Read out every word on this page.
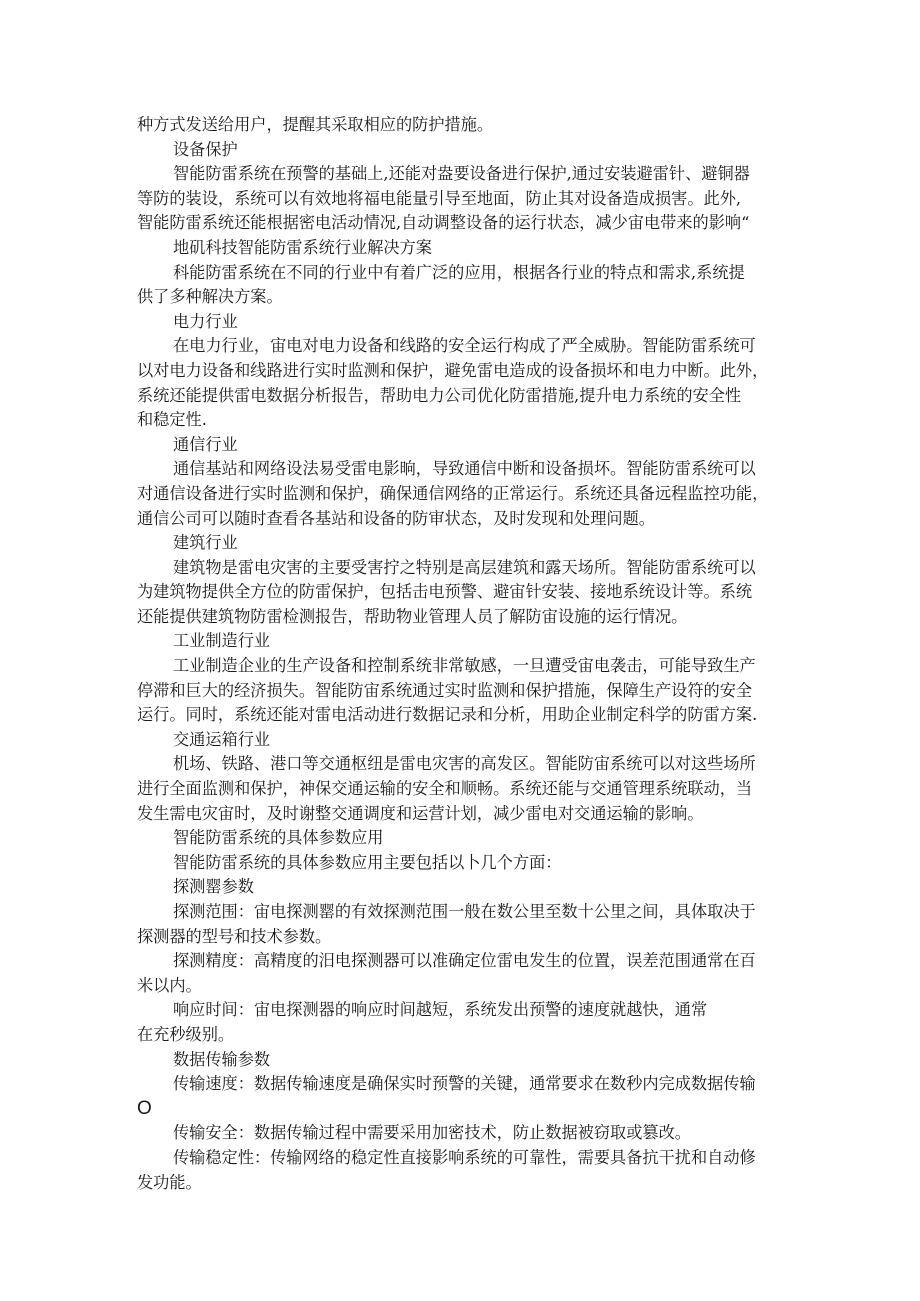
种方式发送给用户，提醒其采取相应的防护措施。
设备保护
智能防雷系统在预警的基础上,还能对盎要设备进行保护,通过安装避雷针、避铜器
等防的装设，系统可以有效地将福电能量引导至地面，防止其对设备造成损害。此外,
智能防雷系统还能根据密电活动情况,自动调整设备的运行状态，减少宙电带来的影响“
地矶科技智能防雷系统行业解决方案
科能防雷系统在不同的行业中有着广泛的应用，根据各行业的特点和需求,系统提
供了多种解决方案。
电力行业
在电力行业，宙电对电力设备和线路的安全运行构成了严全威胁。智能防雷系统可
以对电力设备和线路进行实时监测和保护，避免雷电造成的设备损坏和电力中断。此外，
系统还能提供雷电数据分析报告，帮助电力公司优化防雷措施,提升电力系统的安全性
和稳定性.
通信行业
通信基站和网络设法易受雷电影晌，导致通信中断和设备损坏。智能防雷系统可以
对通信设备进行实时监测和保护，确保通信网络的正常运行。系统还具备远程监控功能，
通信公司可以随时查看各基站和设备的防审状态，及时发现和处理问题。
建筑行业
建筑物是雷电灾害的主要受害拧之特别是高层建筑和露天场所。智能防雷系统可以
为建筑物提供全方位的防雷保护，包括击电预警、避宙针安装、接地系统设计等。系统
还能提供建筑物防雷检测报告，帮助物业管理人员了解防宙设施的运行情况。
工业制造行业
工业制造企业的生产设备和控制系统非常敏感，一旦遭受宙电袭击，可能导致生产
停滞和巨大的经济损失。智能防宙系统通过实时监测和保护措施，保障生产设符的安全
运行。同时，系统还能对雷电活动进行数据记录和分析，用助企业制定科学的防雷方案.
交通运箱行业
机场、铁路、港口等交通枢纽是雷电灾害的高发区。智能防宙系统可以对这些场所
进行全面监测和保护，神保交通运输的安全和顺畅。系统还能与交通管理系统联动，当
发生需电灾宙时，及时谢整交通调度和运营计划，减少雷电对交通运输的影晌。
智能防雷系统的具体参数应用
智能防雷系统的具体参数应用主要包括以卜几个方面：
探测罂参数
探测范围：宙电探测罂的有效探测范围一般在数公里至数十公里之间，具体取决于
探测器的型号和技术参数。
探测精度：高精度的汨电探测器可以准确定位雷电发生的位置，误差范围通常在百
米以内。
响应时间：宙电探测器的响应时间越短，系统发出预警的速度就越快，通常
在充秒级别。
数据传输参数
传输速度：数据传输速度是确保实时预警的关键，通常要求在数秒内完成数据传输
O
传输安全：数据传输过程中需要采用加密技术，防止数据被窃取或篡改。
传输稳定性：传输网络的稳定性直接影响系统的可靠性，需要具备抗干扰和自动修
发功能。
